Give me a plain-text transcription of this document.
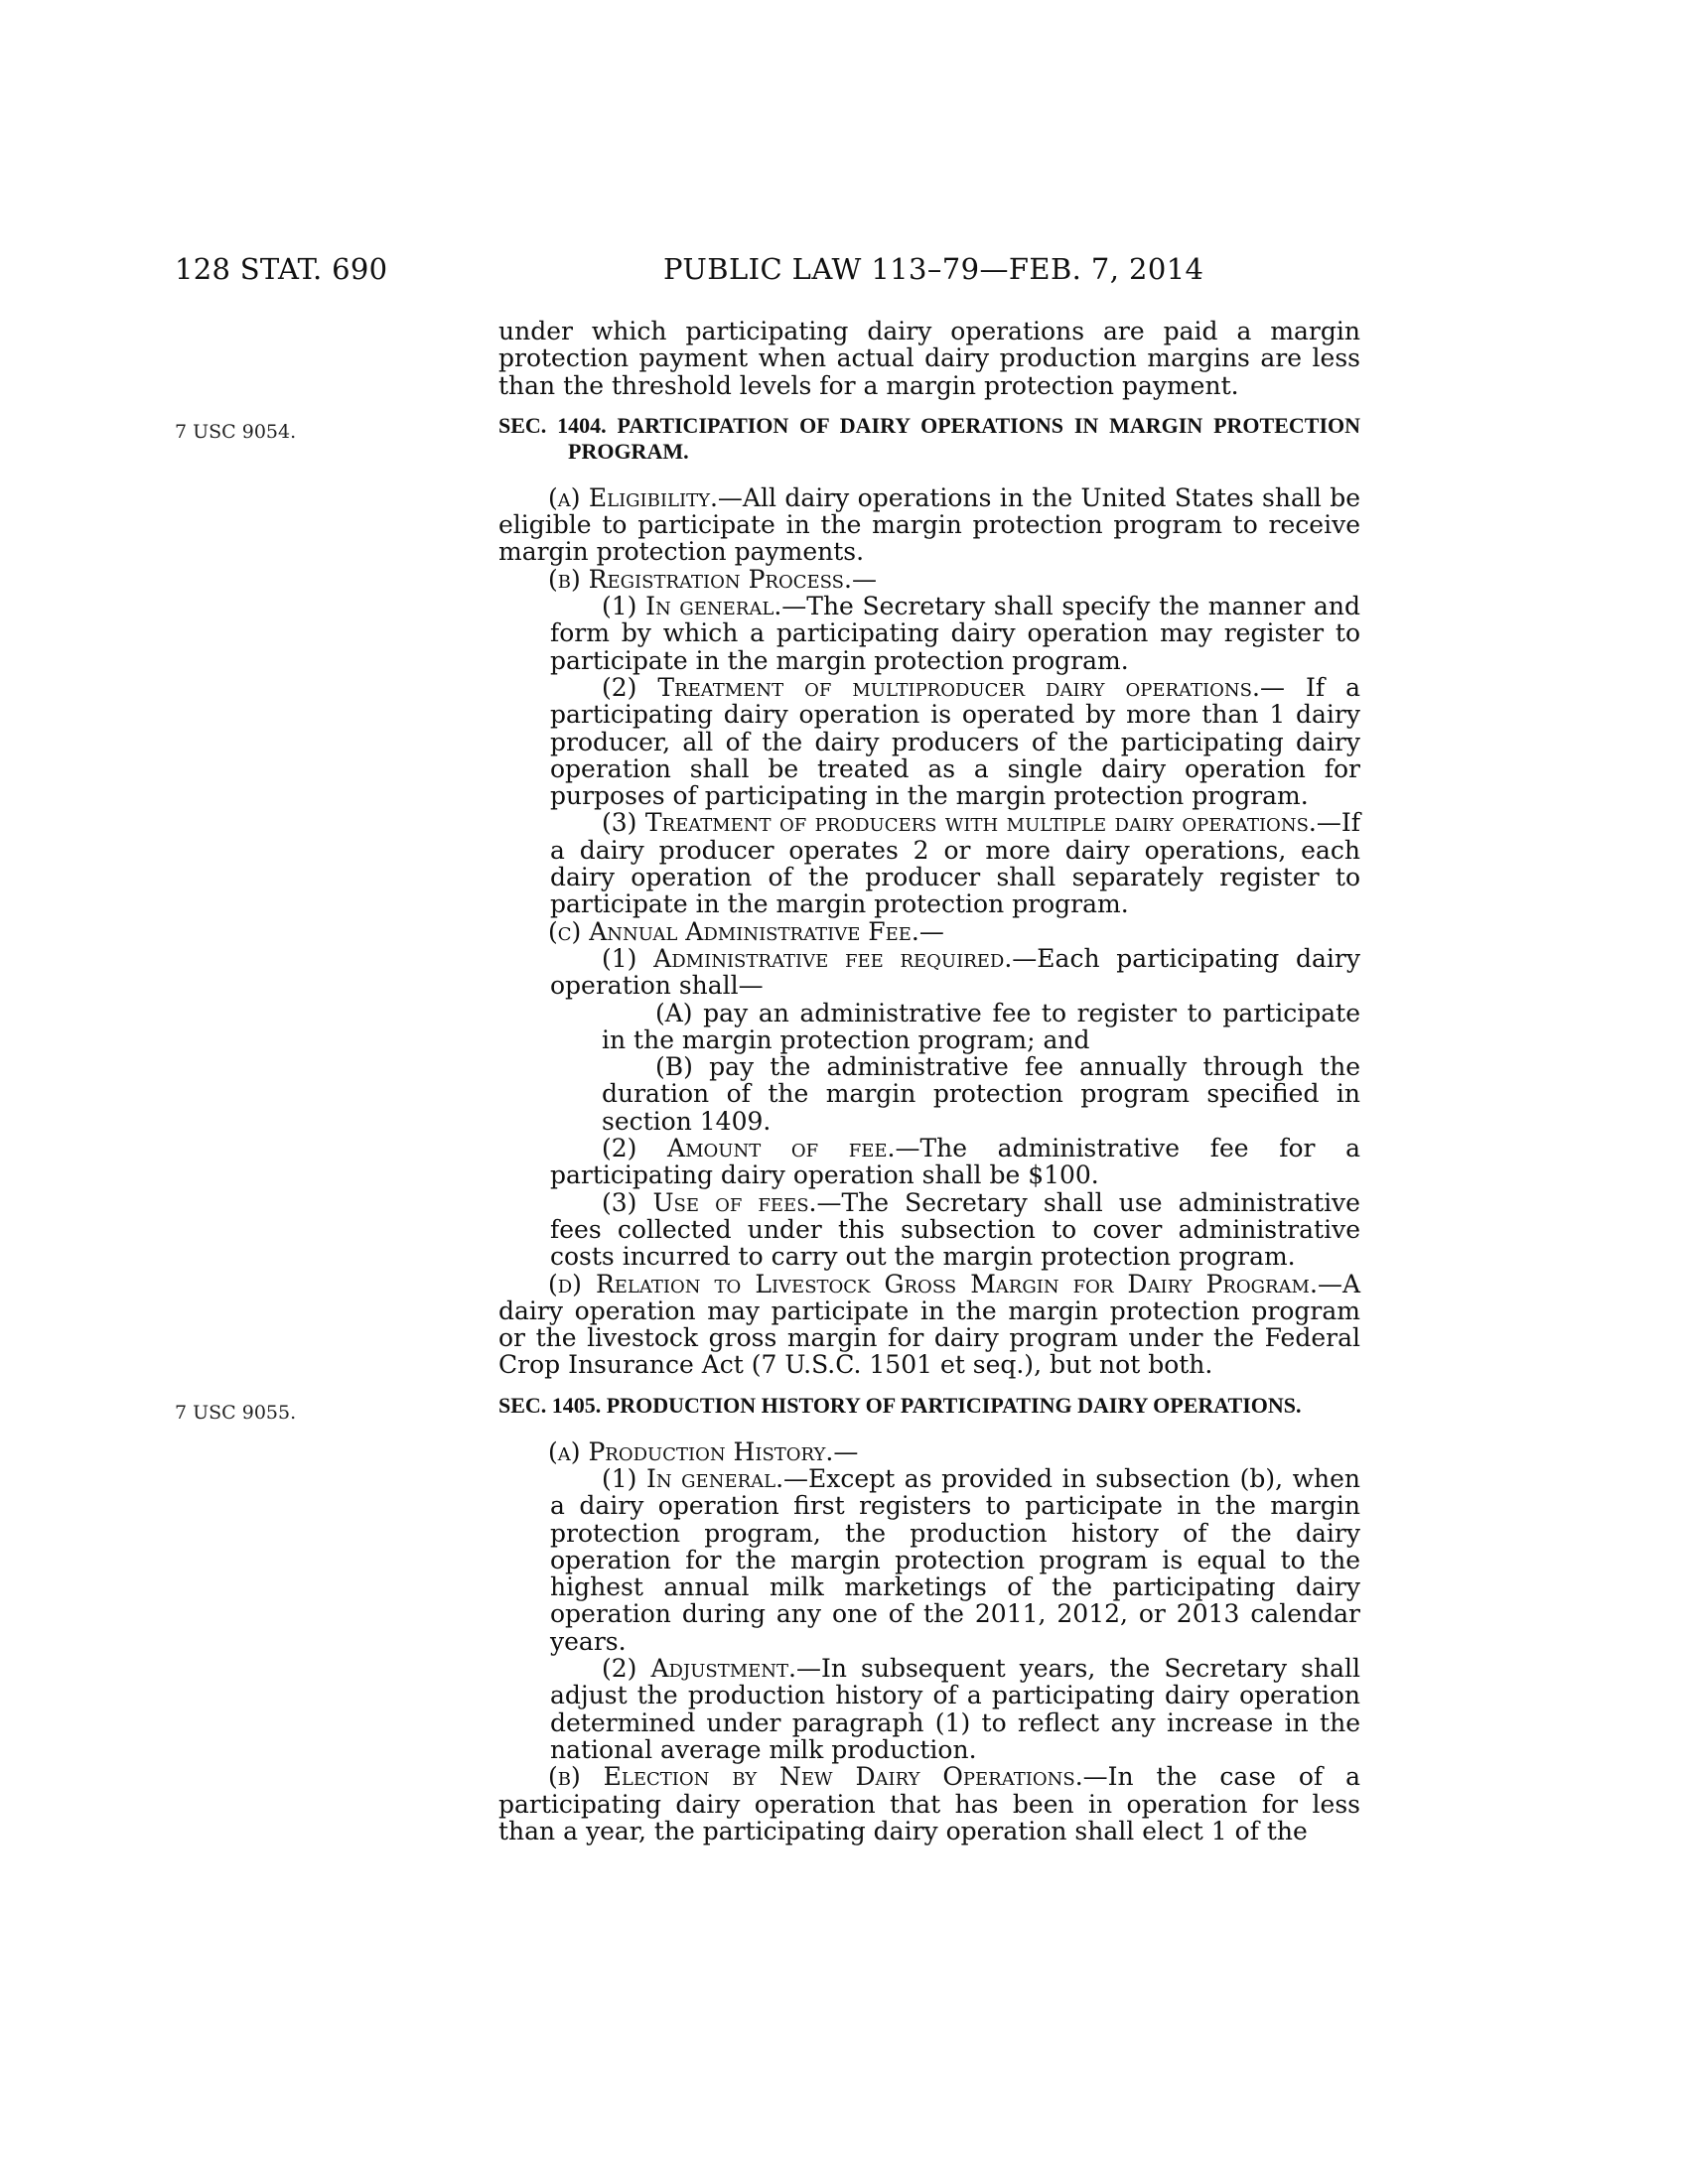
128 STAT. 690	PUBLIC LAW 113–79—FEB. 7, 2014
7 USC 9054.
7 USC 9055.

under which participating dairy operations are paid a margin protection payment when actual dairy production margins are less than the threshold levels for a margin protection payment.

SEC. 1404. PARTICIPATION OF DAIRY OPERATIONS IN MARGIN PROTECTION PROGRAM.

(a) Eligibility.—All dairy operations in the United States shall be eligible to participate in the margin protection program to receive margin protection payments.

(b) Registration Process.—

(1) In general.—The Secretary shall specify the manner and form by which a participating dairy operation may register to participate in the margin protection program.

(2) Treatment of multiproducer dairy operations.— If a participating dairy operation is operated by more than 1 dairy producer, all of the dairy producers of the participating dairy operation shall be treated as a single dairy operation for purposes of participating in the margin protection program.

(3) Treatment of producers with multiple dairy operations.—If a dairy producer operates 2 or more dairy operations, each dairy operation of the producer shall separately register to participate in the margin protection program.

(c) Annual Administrative Fee.—

(1) Administrative fee required.—Each participating dairy operation shall—

(A) pay an administrative fee to register to participate in the margin protection program; and

(B) pay the administrative fee annually through the duration of the margin protection program specified in section 1409.

(2) Amount of fee.—The administrative fee for a participating dairy operation shall be $100.

(3) Use of fees.—The Secretary shall use administrative fees collected under this subsection to cover administrative costs incurred to carry out the margin protection program.

(d) Relation to Livestock Gross Margin for Dairy Program.—A dairy operation may participate in the margin protection program or the livestock gross margin for dairy program under the Federal Crop Insurance Act (7 U.S.C. 1501 et seq.), but not both.

SEC. 1405. PRODUCTION HISTORY OF PARTICIPATING DAIRY OPERATIONS.

(a) Production History.—

(1) In general.—Except as provided in subsection (b), when a dairy operation first registers to participate in the margin protection program, the production history of the dairy operation for the margin protection program is equal to the highest annual milk marketings of the participating dairy operation during any one of the 2011, 2012, or 2013 calendar years.

(2) Adjustment.—In subsequent years, the Secretary shall adjust the production history of a participating dairy operation determined under paragraph (1) to reflect any increase in the national average milk production.

(b) Election by New Dairy Operations.—In the case of a participating dairy operation that has been in operation for less than a year, the participating dairy operation shall elect 1 of the
